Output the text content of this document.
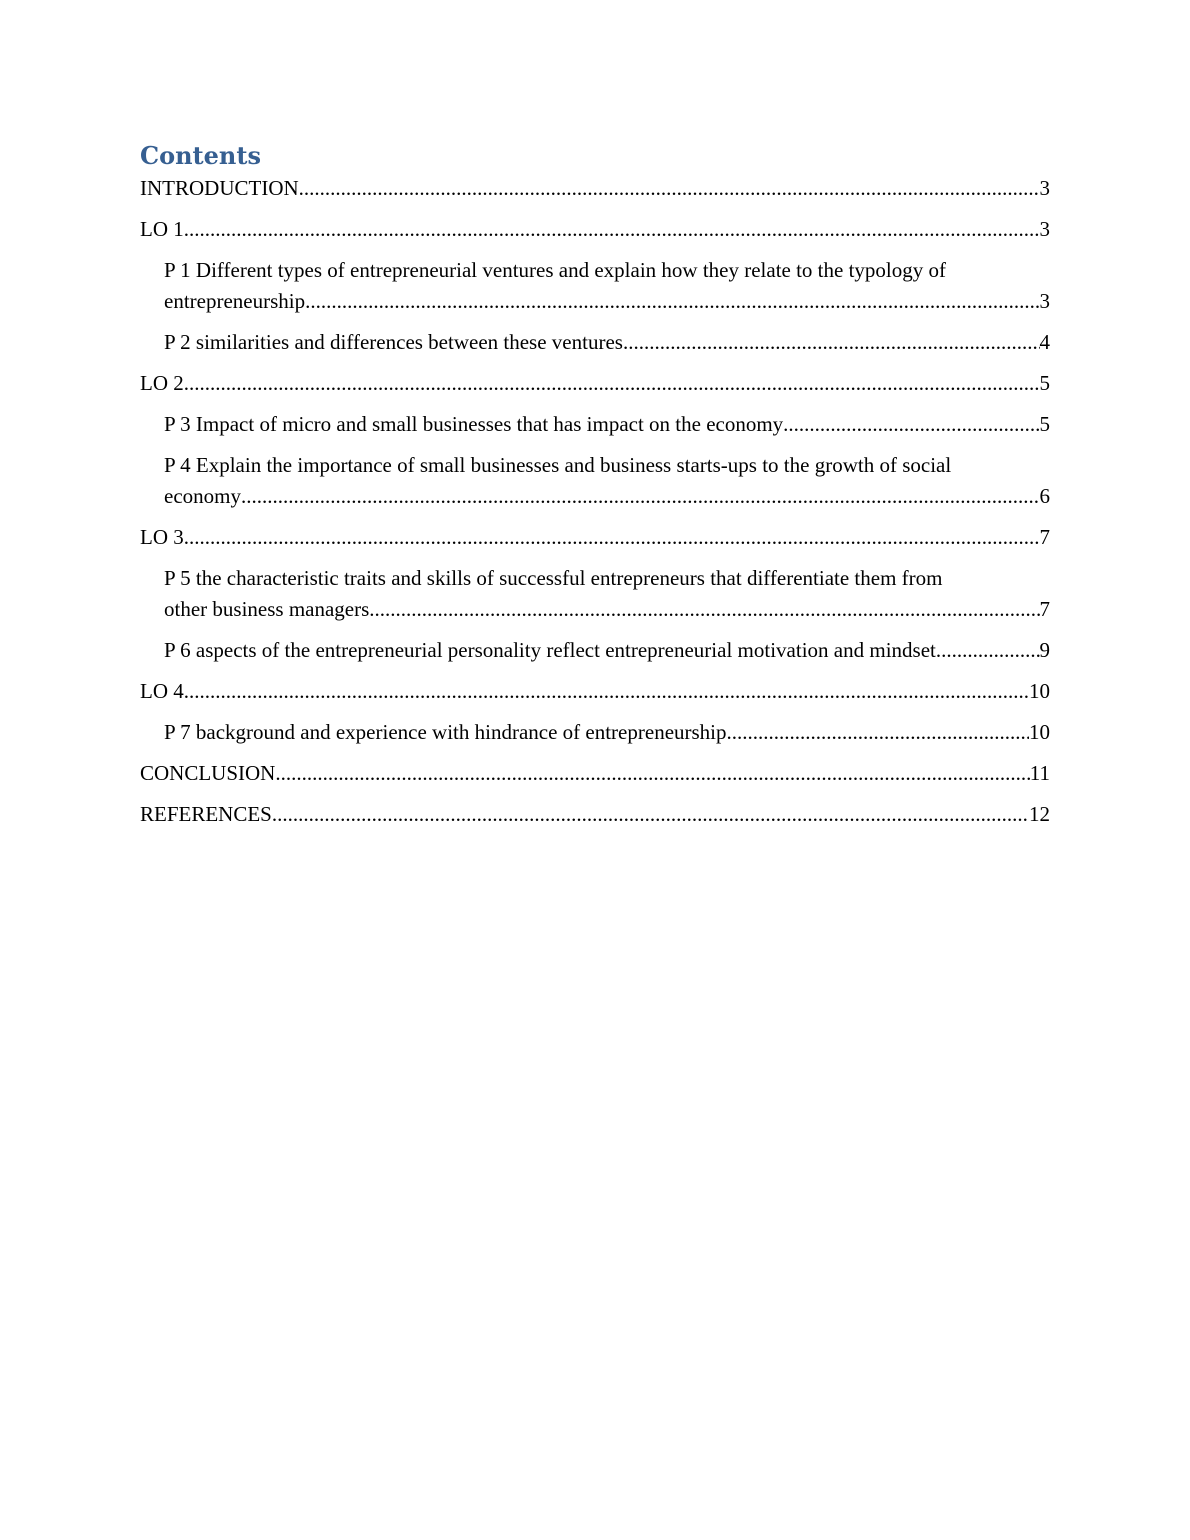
Contents
INTRODUCTION .....	3
LO 1 .....	3
P 1 Different types of entrepreneurial ventures and explain how they relate to the typology of
entrepreneurship .....	3
P 2 similarities and differences between these ventures .....	4
LO 2 .....	5
P 3 Impact of micro and small businesses that has impact on the economy .....	5
P 4 Explain the importance of small businesses and business starts-ups to the growth of social
economy .....	6
LO 3 .....	7
P 5 the characteristic traits and skills of successful entrepreneurs that differentiate them from
other business managers .....	7
P 6 aspects of the entrepreneurial personality reflect entrepreneurial motivation and mindset. .....	9
LO 4 .....	10
P 7 background and experience with hindrance of entrepreneurship .....	10
CONCLUSION .....	11
REFERENCES .....	12
